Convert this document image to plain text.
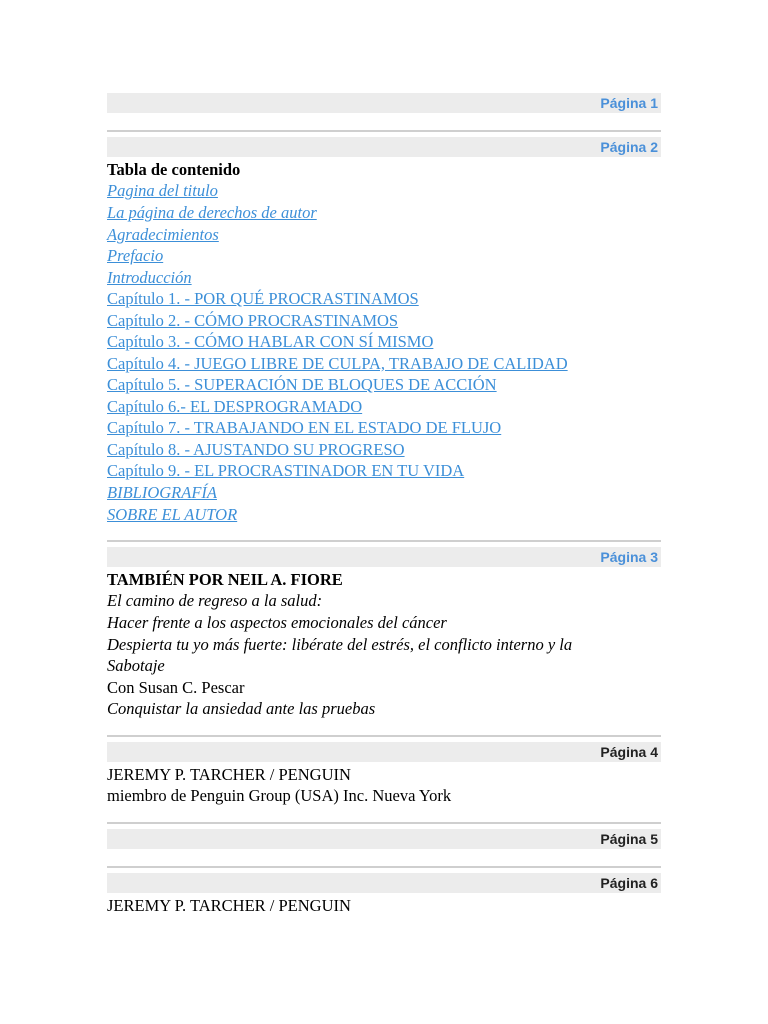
Página 1
Página 2
Tabla de contenido
Pagina del titulo
La página de derechos de autor
Agradecimientos
Prefacio
Introducción
Capítulo 1. - POR QUÉ PROCRASTINAMOS
Capítulo 2. - CÓMO PROCRASTINAMOS
Capítulo 3. - CÓMO HABLAR CON SÍ MISMO
Capítulo 4. - JUEGO LIBRE DE CULPA, TRABAJO DE CALIDAD
Capítulo 5. - SUPERACIÓN DE BLOQUES DE ACCIÓN
Capítulo 6.- EL DESPROGRAMADO
Capítulo 7. - TRABAJANDO EN EL ESTADO DE FLUJO
Capítulo 8. - AJUSTANDO SU PROGRESO
Capítulo 9. - EL PROCRASTINADOR EN TU VIDA
BIBLIOGRAFÍA
SOBRE EL AUTOR
Página 3
TAMBIÉN POR NEIL A. FIORE
El camino de regreso a la salud:
Hacer frente a los aspectos emocionales del cáncer
Despierta tu yo más fuerte: libérate del estrés, el conflicto interno y la
Sabotaje
Con Susan C. Pescar
Conquistar la ansiedad ante las pruebas
Página 4
JEREMY P. TARCHER / PENGUIN
miembro de Penguin Group (USA) Inc. Nueva York
Página 5
Página 6
JEREMY P. TARCHER / PENGUIN
